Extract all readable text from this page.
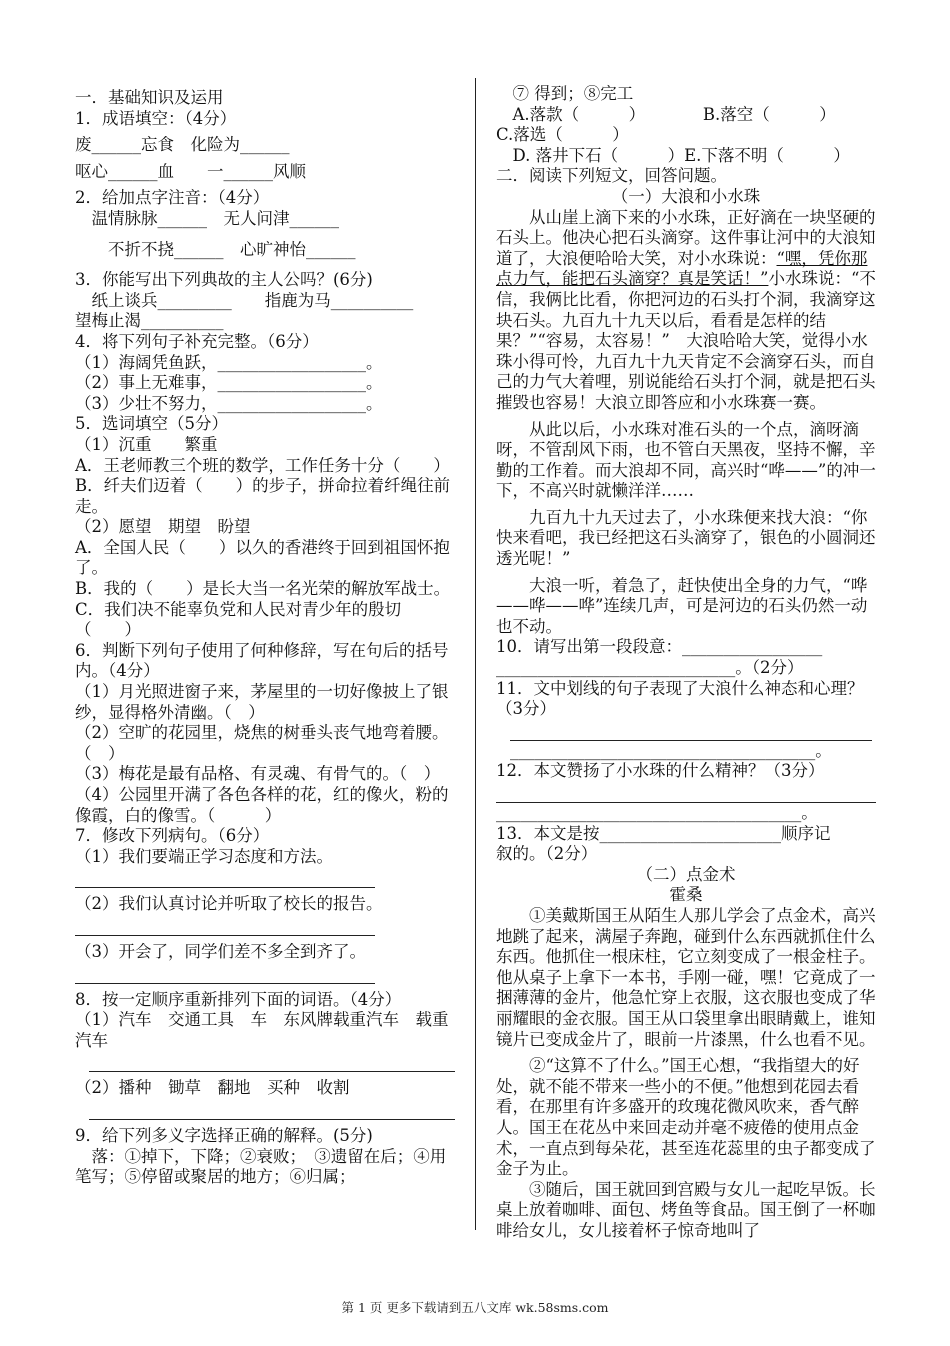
一．基础知识及运用
1．成语填空：（4分）
废______忘食　化险为______
呕心______血　　一______风顺
2．给加点字注音：（4分）
　温情脉脉______　无人问津______
　　不折不挠______　心旷神怡______
3．你能写出下列典故的主人公吗？(6分)
　纸上谈兵_________　　指鹿为马__________
望梅止渴__________
4．将下列句子补充完整。（6分）
（1）海阔凭鱼跃，__________________。
（2）事上无难事，__________________。
（3）少壮不努力，__________________。
5．选词填空（5分）
（1）沉重　　繁重
A．王老师教三个班的数学，工作任务十分（　　）
B．纤夫们迈着（　　）的步子，拼命拉着纤绳往前走。
（2）愿望　期望　盼望
A．全国人民（　　）以久的香港终于回到祖国怀抱了。
B．我的（　　）是长大当一名光荣的解放军战士。
C．我们决不能辜负党和人民对青少年的殷切（　　）
6．判断下列句子使用了何种修辞，写在句后的括号内。（4分）
（1）月光照进窗子来，茅屋里的一切好像披上了银纱，显得格外清幽。（　）
（2）空旷的花园里，烧焦的树垂头丧气地弯着腰。（　）
（3）梅花是最有品格、有灵魂、有骨气的。（　）
（4）公园里开满了各色各样的花，红的像火，粉的像霞，白的像雪。（　　　）
7．修改下列病句。（6分）
（1）我们要端正学习态度和方法。
（2）我们认真讨论并听取了校长的报告。
（3）开会了，同学们差不多全到齐了。
8．按一定顺序重新排列下面的词语。（4分）
（1）汽车　交通工具　车　东风牌载重汽车　载重汽车
（2）播种　锄草　翻地　买种　收割
9．给下列多义字选择正确的解释。(5分)
　落：①掉下，下降；②衰败；　③遗留在后；④用笔写；⑤停留或聚居的地方；⑥归属；
　⑦ 得到；⑧完工
　A.落款（　　　）　　　　B.落空（　　　）
C.落选（　　　）
　D. 落井下石（　　　）E.下落不明（　　　）
二．阅读下列短文，回答问题。
（一）大浪和小水珠
从山崖上滴下来的小水珠，正好滴在一块坚硬的石头上。他决心把石头滴穿。这件事让河中的大浪知道了，大浪便哈哈大笑，对小水珠说：“嘿，凭你那点力气，能把石头滴穿？真是笑话！”小水珠说：“不信，我俩比比看，你把河边的石头打个洞，我滴穿这块石头。九百九十九天以后，看看是怎样的结果？”“容易，太容易！”　大浪哈哈大笑，觉得小水珠小得可怜，九百九十九天肯定不会滴穿石头，而自己的力气大着哩，别说能给石头打个洞，就是把石头摧毁也容易！大浪立即答应和小水珠赛一赛。
从此以后，小水珠对准石头的一个点，滴呀滴呀，不管刮风下雨，也不管白天黑夜，坚持不懈，辛勤的工作着。而大浪却不同，高兴时“哗——”的冲一下，不高兴时就懒洋洋……
九百九十九天过去了，小水珠便来找大浪：“你快来看吧，我已经把这石头滴穿了，银色的小圆洞还透光呢！”
大浪一听，着急了，赶快使出全身的力气，“哗——哗——哗”连续几声，可是河边的石头仍然一动也不动。
10．请写出第一段段意：_________________
_____________________________。（2分）
11．文中划线的句子表现了大浪什么神态和心理？（3分）
_____________________________________。
12．本文赞扬了小水珠的什么精神？（3分）
_____________________________________。
13．本文是按______________________顺序记
叙的。（2分）
（二）点金术
霍桑
①美戴斯国王从陌生人那儿学会了点金术，高兴地跳了起来，满屋子奔跑，碰到什么东西就抓住什么东西。他抓住一根床柱，它立刻变成了一根金柱子。他从桌子上拿下一本书，手刚一碰，嘿！它竟成了一捆薄薄的金片，他急忙穿上衣服，这衣服也变成了华丽耀眼的金衣服。国王从口袋里拿出眼睛戴上，谁知镜片已变成金片了，眼前一片漆黑，什么也看不见。
②“这算不了什么。”国王心想，“我指望大的好处，就不能不带来一些小的不便。”他想到花园去看看，在那里有许多盛开的玫瑰花微风吹来，香气醉人。国王在花丛中来回走动并毫不疲倦的使用点金术，一直点到每朵花，甚至连花蕊里的虫子都变成了金子为止。
③随后，国王就回到宫殿与女儿一起吃早饭。长桌上放着咖啡、面包、烤鱼等食品。国王倒了一杯咖啡给女儿，女儿接着杯子惊奇地叫了
第 1 页 更多下载请到五八文库 wk.58sms.com
